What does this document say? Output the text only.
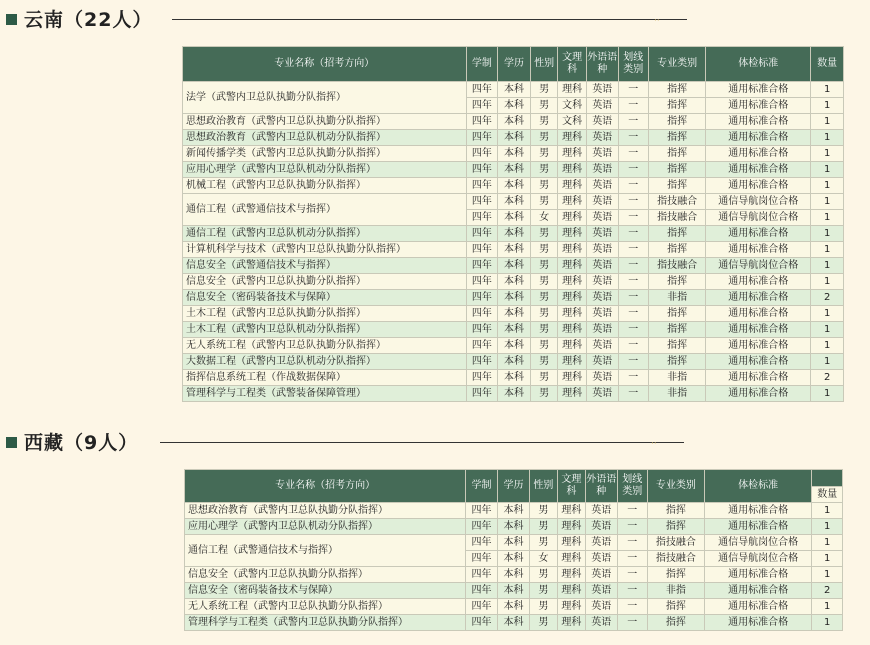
云南（22人）	··
专业名称（招考方向）	学制	学历	性别	文理科	外语语种	划线类别	专业类别	体检标准	数量
法学（武警内卫总队执勤分队指挥）	四年	本科	男	理科	英语	一	指挥	通用标准合格	1
	四年	本科	男	文科	英语	一	指挥	通用标准合格	1
思想政治教育（武警内卫总队执勤分队指挥）	四年	本科	男	文科	英语	一	指挥	通用标准合格	1
思想政治教育（武警内卫总队机动分队指挥）	四年	本科	男	理科	英语	一	指挥	通用标准合格	1
新闻传播学类（武警内卫总队执勤分队指挥）	四年	本科	男	理科	英语	一	指挥	通用标准合格	1
应用心理学（武警内卫总队机动分队指挥）	四年	本科	男	理科	英语	一	指挥	通用标准合格	1
机械工程（武警内卫总队执勤分队指挥）	四年	本科	男	理科	英语	一	指挥	通用标准合格	1
通信工程（武警通信技术与指挥）	四年	本科	男	理科	英语	一	指技融合	通信导航岗位合格	1
	四年	本科	女	理科	英语	一	指技融合	通信导航岗位合格	1
通信工程（武警内卫总队机动分队指挥）	四年	本科	男	理科	英语	一	指挥	通用标准合格	1
计算机科学与技术（武警内卫总队执勤分队指挥）	四年	本科	男	理科	英语	一	指挥	通用标准合格	1
信息安全（武警通信技术与指挥）	四年	本科	男	理科	英语	一	指技融合	通信导航岗位合格	1
信息安全（武警内卫总队执勤分队指挥）	四年	本科	男	理科	英语	一	指挥	通用标准合格	1
信息安全（密码装备技术与保障）	四年	本科	男	理科	英语	一	非指	通用标准合格	2
土木工程（武警内卫总队执勤分队指挥）	四年	本科	男	理科	英语	一	指挥	通用标准合格	1
土木工程（武警内卫总队机动分队指挥）	四年	本科	男	理科	英语	一	指挥	通用标准合格	1
无人系统工程（武警内卫总队执勤分队指挥）	四年	本科	男	理科	英语	一	指挥	通用标准合格	1
大数据工程（武警内卫总队机动分队指挥）	四年	本科	男	理科	英语	一	指挥	通用标准合格	1
指挥信息系统工程（作战数据保障）	四年	本科	男	理科	英语	一	非指	通用标准合格	2
管理科学与工程类（武警装备保障管理）	四年	本科	男	理科	英语	一	非指	通用标准合格	1
西藏（9人）	··
专业名称（招考方向）	学制	学历	性别	文理科	外语语种	划线类别	专业类别	体检标准	数量

思想政治教育（武警内卫总队执勤分队指挥）	四年	本科	男	理科	英语	一	指挥	通用标准合格	1
应用心理学（武警内卫总队机动分队指挥）	四年	本科	男	理科	英语	一	指挥	通用标准合格	1
通信工程（武警通信技术与指挥）	四年	本科	男	理科	英语	一	指技融合	通信导航岗位合格	1
	四年	本科	女	理科	英语	一	指技融合	通信导航岗位合格	1
信息安全（武警内卫总队执勤分队指挥）	四年	本科	男	理科	英语	一	指挥	通用标准合格	1
信息安全（密码装备技术与保障）	四年	本科	男	理科	英语	一	非指	通用标准合格	2
无人系统工程（武警内卫总队执勤分队指挥）	四年	本科	男	理科	英语	一	指挥	通用标准合格	1
管理科学与工程类（武警内卫总队执勤分队指挥）	四年	本科	男	理科	英语	一	指挥	通用标准合格	1
